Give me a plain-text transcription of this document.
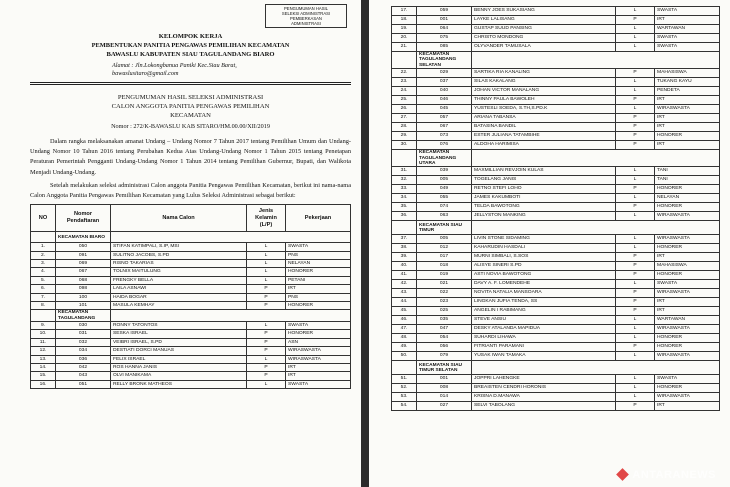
PENGUMUMAN HASIL
SELEKSI ADMINISTRASI
PEMBERKASAN
ADMINISTRASI
KELOMPOK KERJA
PEMBENTUKAN PANITIA PENGAWAS PEMILIHAN KECAMATAN
BAWASLU KABUPATEN SIAU TAGULANDANG BIARO
Alamat : Jln.Lokongbanua Paniki Kec.Siau Barat,
bawaslusitaro@gmail.com
PENGUMUMAN HASIL SELEKSI ADMINISTRASI
CALON ANGGOTA PANITIA PENGAWAS PEMILIHAN
KECAMATAN
Nomor : 272/K-BAWASLU KAB SITARO/HM.00.00/XII/2019

Dalam rangka melaksanakan amanat Undang – Undang Nomor 7 Tahun 2017 tentang Pemilihan Umum dan Undang-Undang Nomor 10 Tahun 2016 tentang Perubahan Kedua Atas Undang-Undang Nomor 1 Tahun 2015 tentang Penetapan Peraturan Pemerintah Pengganti Undang-Undang Nomor 1 Tahun 2014 tentang Pemilihan Gubernur, Bupati, dan Walikota Menjadi Undang-Undang.

Setelah melakukan seleksi administrasi Calon anggota Panitia Pengawas Pemilihan Kecamatan, berikut ini nama-nama Calon Anggota Panitia Pengawas Pemilihan Kecamatan yang Lulus Seleksi Administrasi sebagai berikut:

NO	Nomor Pendaftaran	Nama Calon	Jenis Kelamin (L/P)	Pekerjaan
	KECAMATAN BIARO			
1.	050	STIFAN KATIMPALI, S.IP, MSI	L	SWASTA
2.	091	SULITNO JACOBS, S.PD	L	PNS
3.	069	RISNO TAKARIAS	L	NELAYAN
4.	067	TOLNIX MAITULUNG	L	HONORER
5.	068	FRENGKY BELLA	L	PETANI
6.	098	LAILA ASNAWI	P	IRT
7.	100	HAIDA BOGAR	P	PNS
8.	101	MASULA KEMHAY	P	HONORER
	KECAMATAN TAGULANDANG			
9.	030	RONNY TATONTOS	L	SWASTA
10.	031	SESKA ISRAEL	P	HONORER
11.	032	VEIBRI ISRAEL, S.PD	P	ASN
12.	034	DESTIATI DORCI MANUAS	P	WIRASWASTA
13.	036	FELIX ISRAEL	L	WIRASWASTA
14.	042	ROS HANNA JANIS	P	IRT
15.	043	OLVI MANIKAMA	P	IRT
16.	051	RELLY BRONK MATHEOS	L	SWASTA
17.	059	BENNY JOES SUKASIANG	L	SWASTA
18.	001	LAYKE LALISANG	P	IRT
19.	064	GUSTAP SUUD PANSING	L	WARTAWAN
20.	075	CHRISTO MONDONG	L	SWASTA
21.	085	OLYVANDER TAMUSALA	L	SWASTA
	KECAMATAN TAGULANDANG SELATAN			
22.	029	SARTIKA RIA KANALING	P	MAHASISWA
23.	037	SILAS KAKALANG	L	TUKANG KAYU
24.	040	JOHAN VICTOR MANALANG	L	PENDETA
25.	046	THINNY PAULA BAWOLEH	P	IRT
26.	045	YUSTESLI SOEDA, S.TH,S.PD.K	L	WIRASWASTA
27.	057	ARIANA TABANSA	P	IRT
28.	067	BATASINA BANDIL	P	IRT
29.	073	ESTER JULIANA TATAMBIHE	P	HONORER
30.	076	ALDOHA HARIMISA	P	IRT
	KECAMATAN TAGULANDANG UTARA			
31.	039	MAXMILLIAN REVJOIN KULAS	L	TANI
32.	005	TOGELANG JANIS	L	TANI
33.	049	RETNO STEFI LOHO	P	HONORER
34.	055	JAMES KAKUMBOTI	L	NELAYAN
35.	074	TELDA BAWOTONG	P	HONORER
36.	063	JELLYSTON MANKING	L	WIRASWASTA
	KECAMATAN SIAU TIMUR			
37.	005	LIVIN STONE SIDAMING	L	WIRASWASTA
38.	012	KAHARUDIN HASDALI	L	HONORER
39.	017	MURNI SIMBALI, S.SOS	P	IRT
40.	018	ALISYE SINERI S.PD	P	MAHASISWA
41.	019	ASTI NOVIA BAWOTONG	P	HONORER
42.	021	DAVY A. F. LOMENDEHE	L	SWASTA
43.	022	NOVITA NATALIA MANSOARA	P	WIRASWASTA
44.	023	LINGKAN JUFIA TENDA, SS	P	IRT
45.	025	ANGELIN I RABIMANG	P	IRT
46.	035	STEVE ANSIU	L	WARTAWAN
47.	047	DESKY ATALANDA MAPIDUA	L	WIRASWASTA
48.	054	SUHARDI LIHAWA	L	HONORER
49.	056	FITRIANTI PARAMANI	P	HONORER
50.	079	YUSAK IWAN TAMAKA	L	WIRASWASTA
	KECAMATAN SIAU TIMUR SELATAN			
51.	001	JOPPRI LAHENGKE	L	SWASTA
52.	008	BREAISTEN CENDRI HORONIS	L	HONORER
53.	014	KRISNA D.MANAWA	L	WIRASWASTA
54.	027	SELVI TABOLANG	P	IRT
ANTARANEWS
